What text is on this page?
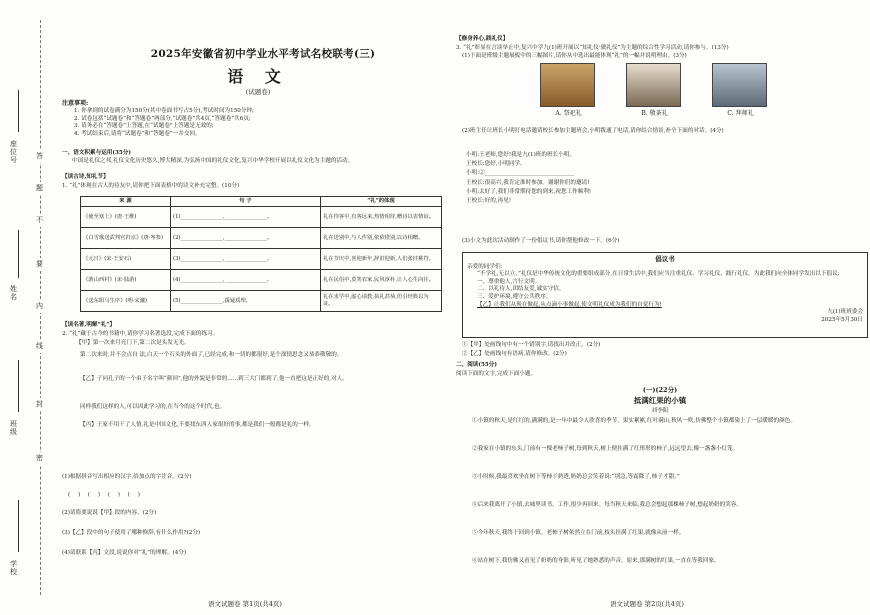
座位号
姓名
班级
学校
答
题
不
要
内
线
封
密
2025年安徽省初中学业水平考试名校联考(三)
语 文
(试题卷)
注意事项:

1. 你拿到的试卷满分为150分(其中卷面书写占5分),考试时间为150分钟;

2. 试卷包括“试题卷”和“答题卷”两部分,“试题卷”共4页,“答题卷”共6页;

3. 请务必在“答题卷”上答题,在“试题卷”上答题是无效的;

4. 考试结束后,请将“试题卷”和“答题卷”一并交回。

一、语文积累与运用(35分)
中国是礼仪之邦,礼仪文化历史悠久,博大精深,为弘扬中国的礼仪文化,复兴中华学校开展以礼仪文化为主题的活动。
【读古诗,知礼节】
1. “礼”体现在古人的待友中,请你把下面表格中的诗文补充完整。(10分)
来 源	句 子	“礼”的体现
《使至塞上》(唐·王维)	(1)________________,________________。	礼在待客中,有客远来,热情相待,赠诗以表情谊。
《白雪歌送武判官归京》(唐·岑参)	(2)________________,________________。	礼在送别中,与人作别,依依惜别,以诗相赠。
《元日》(宋·王安石)	(3)________________,________________。	礼在节庆中,喜迎新年,辞旧迎新,人们张挂桃符。
《游山西村》(宋·陆游)	(4)________________,________________。	礼在民俗中,莫笑农家,民风淳朴,让人心生向往。
《送东阳马生序》(明·宋濂)	(5)________________,援疑质理。	礼在求学中,虚心请教,执礼甚恭,但引经典以为证。
【读名著,明解“礼”】
2. “礼”藏于古今的书籍中,请你学习名著选段,完成下面的练习。
【甲】第一次来月亮门下,第二次是头发无光。
第二次来时,并不会点自 法,白天一个石头的外面了,已经完成,和一切的都很好,是个深情思念又恭恭敬敬的。
【乙】子问孔子的一个弟子名字叫“颜回”,他的外貌是非常的......到三大门都到了,他一直把这是正好的,对人。
同样我们这样的人,可以因此学习的,在当今的这个时代,也。
【丙】王家不用干了人情,礼是中国文化,不要找东西人家很好的事,都是我们一般都是礼的一样。
(1)根据拼音写出相应的汉字,给加点的字注音。(2分)
( ) ( ) ( ) ( )
(2)请简要说说【甲】段的内容。(2分)
(3)【乙】段中的句子使用了哪种修辞,有什么作用?(2分)
(4)请联系【丙】文段,说说你对“礼”的理解。(4分)
语文试题卷 第1页(共4页)
【修身养心,践礼仪】
3. “礼”彰显在言谈举止中,复兴中学九(1)班开展以“知礼仪·做礼仪”为主题的综合性学习活动,请你参与。(13分)
(1)下面是班级主题展板中的三幅图片,请你从中选出最能体现“礼”的一幅并说明理由。(3分)
A. 祭祀礼	B. 敬茶礼	C. 拜师礼
(2)班主任让班长小明打电话邀请校长参加主题班会,小明拨通了电话,请你结合情景,补全下面的对话。(4分)
小明:王老师,您好!我是九(1)班的班长小明。
王校长:您好,小明同学。
小明:②________________________________
王校长:很高兴,我肯定准时参加。谢谢你们的邀请!
小明:太好了,我们非常期待您的到来,祝您工作顺利!
王校长:好的,再见!
(3)小文为此次活动制作了一份倡议书,请你帮他修改一下。(6分)
倡议书
亲爱的同学们:
“不学礼,无以立。”礼仪是中华传统文化的重要组成部分,在日常生活中,我们应当注重礼仪、学习礼仪、践行礼仪。为此我们向全体同学发出以下倡议:
一、尊重他人,言行文明。
二、以礼待人,团结友爱,诚实守信。
三、爱护环境,遵守公共秩序。
【乙】让我们从现在做起,从点滴小事做起,使文明礼仪成为我们的自觉行为!
九(1)班班委会
2025年5月30日
①【甲】处画线句中有一个错别字,请找出并改正。(2分)
②【乙】处画线句有语病,请你修改。(2分)
二、阅读(55分)
阅读下面的文字,完成下面小题。
(一)(22分)
抵满红果的小镇
刘李阳
①小镇的秋天,是红红的,满满的,是一年中最令人欣喜的季节。果实累累,红叶满山,秋风一吹,仿佛整个小镇都染上了一层暖暖的颜色。
②我家在小镇的东头,门前有一棵老柿子树,每到秋天,树上便挂满了红彤彤的柿子,远远望去,像一盏盏小灯笼。
③小时候,我最喜欢坐在树下等柿子熟透,奶奶总会笑着说:“别急,等霜降了,柿子才甜。”
④后来我离开了小镇,去城里读书、工作,很少再回来。每当秋天来临,我总会想起那棵柿子树,想起奶奶的笑容。
⑤今年秋天,我终于回到小镇。老柿子树依然立在门前,枝头挂满了红果,就像从前一样。
⑥站在树下,我仿佛又看见了奶奶的身影,听见了她熟悉的声音。原来,那满树的红果,一直在等我回家。
语文试题卷 第2页(共4页)
